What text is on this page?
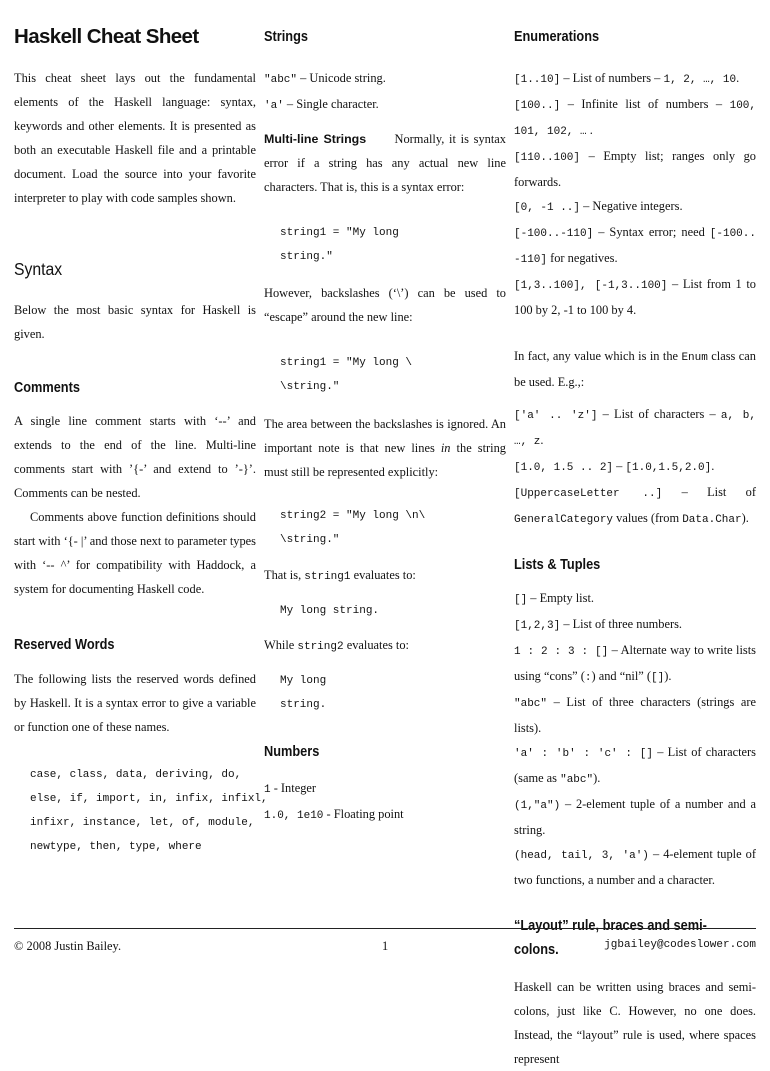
Haskell Cheat Sheet

This cheat sheet lays out the fundamental elements of the Haskell language: syntax, keywords and other elements. It is presented as both an executable Haskell file and a printable document. Load the source into your favorite interpreter to play with code samples shown.

Syntax

Below the most basic syntax for Haskell is given.

Comments

A single line comment starts with ‘--’ and extends to the end of the line. Multi-line comments start with ’{-’ and extend to ’-}’. Comments can be nested.

Comments above function definitions should start with ‘{- |’ and those next to parameter types with ‘-- ^’ for compatibility with Haddock, a system for documenting Haskell code.

Reserved Words

The following lists the reserved words defined by Haskell. It is a syntax error to give a variable or function one of these names.

case, class, data, deriving, do,
else, if, import, in, infix, infixl,
infixr, instance, let, of, module,
newtype, then, type, where
Strings

"abc" – Unicode string.

'a' – Single character.

Multi-line Strings Normally, it is syntax error if a string has any actual new line characters. That is, this is a syntax error:

string1 = "My long
string."

However, backslashes (‘\’) can be used to “escape” around the new line:

string1 = "My long \
\string."

The area between the backslashes is ignored. An important note is that new lines in the string must still be represented explicitly:

string2 = "My long \n\
\string."

That is, string1 evaluates to:

My long string.

While string2 evaluates to:

My long
string.
Numbers

1 - Integer

1.0, 1e10 - Floating point

Enumerations

[1..10] – List of numbers – 1, 2, …, 10.

[100..] – Infinite list of numbers – 100, 101, 102, … .

[110..100] – Empty list; ranges only go forwards.

[0, -1 ..] – Negative integers.

[-100..-110] – Syntax error; need [-100.. -110] for negatives.

[1,3..100], [-1,3..100] – List from 1 to 100 by 2, -1 to 100 by 4.

In fact, any value which is in the Enum class can be used. E.g.,:

['a' .. 'z'] – List of characters – a, b, …, z.

[1.0, 1.5 .. 2] – [1.0,1.5,2.0].

[UppercaseLetter ..] – List of GeneralCategory values (from Data.Char).

Lists & Tuples

[] – Empty list.

[1,2,3] – List of three numbers.

1 : 2 : 3 : [] – Alternate way to write lists using “cons” (:) and “nil” ([]).

"abc" – List of three characters (strings are lists).

'a' : 'b' : 'c' : [] – List of characters (same as "abc").

(1,"a") – 2-element tuple of a number and a string.

(head, tail, 3, 'a') – 4-element tuple of two functions, a number and a character.

“Layout” rule, braces and semi-colons.

Haskell can be written using braces and semi-colons, just like C. However, no one does. Instead, the “layout” rule is used, where spaces represent

© 2008 Justin Bailey.	1	jgbailey@codeslower.com
